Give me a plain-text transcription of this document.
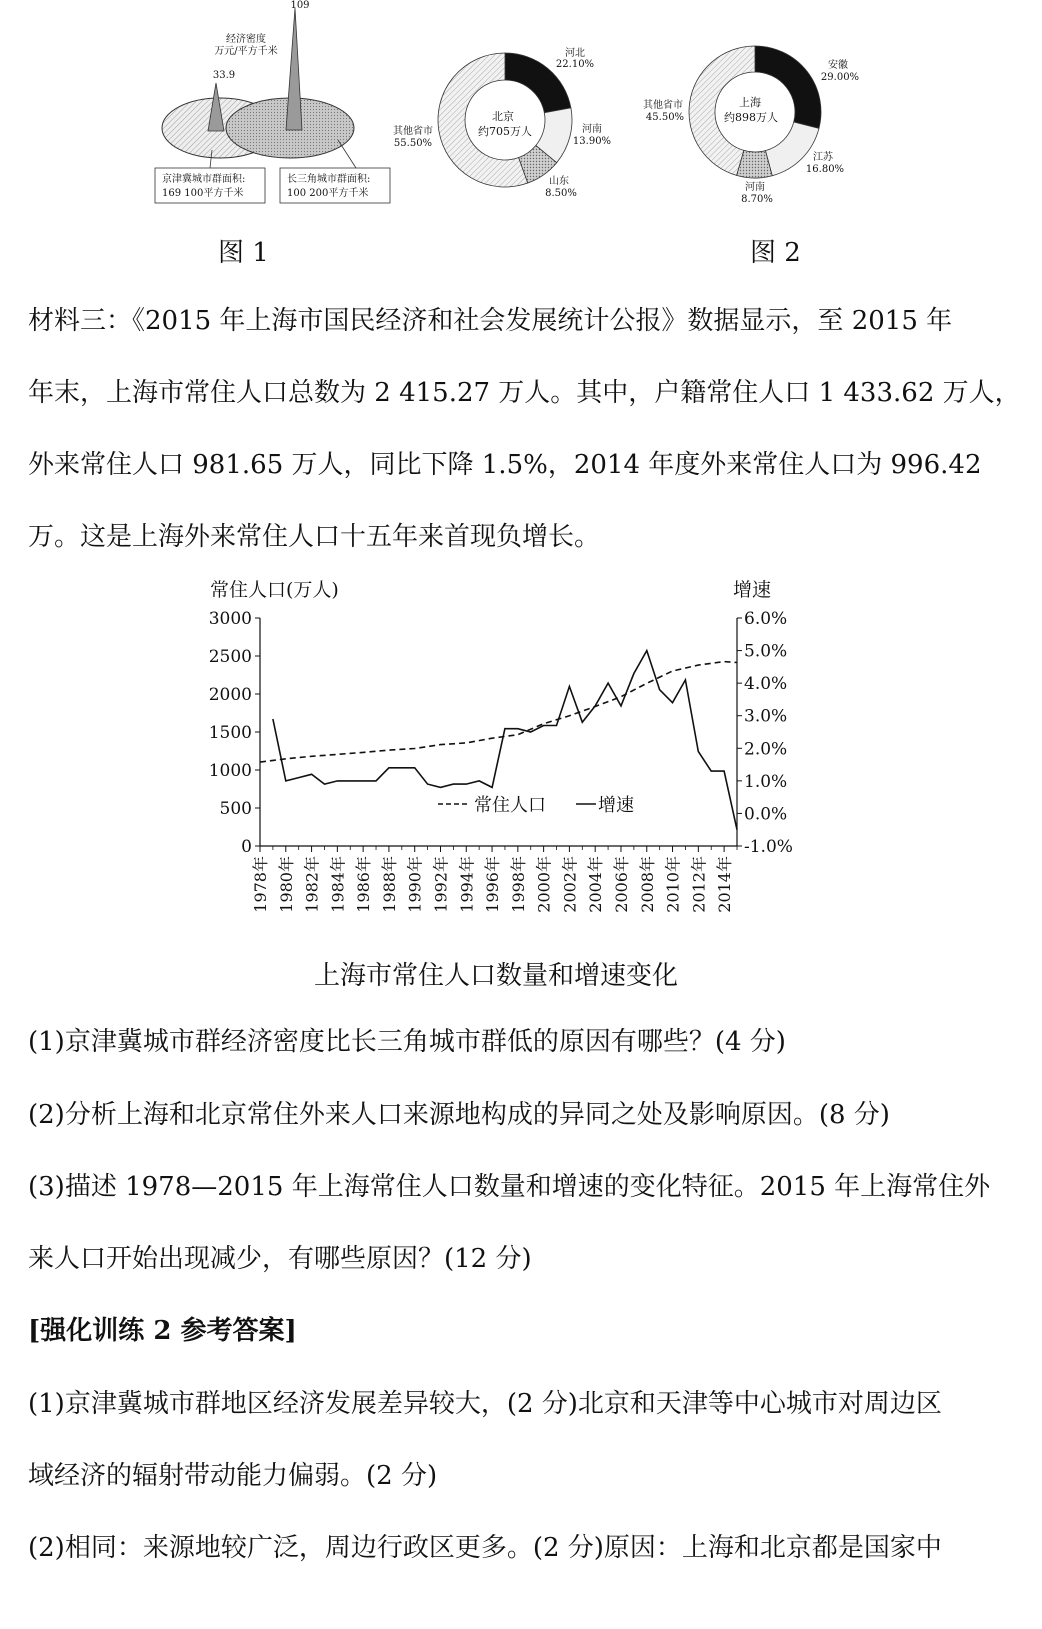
109
经济密度
万元/平方千米
33.9
京津冀城市群面积:
169 100平方千米
长三角城市群面积:
100 200平方千米
图 1
北京
约705万人
河北
22.10%
河南
13.90%
山东
8.50%
其他省市
55.50%
上海
约898万人
安徽
29.00%
江苏
16.80%
河南
8.70%
其他省市
45.50%
图 2
材料三：《2015 年上海市国民经济和社会发展统计公报》数据显示，至 2015 年
年末，上海市常住人口总数为 2 415.27 万人。其中，户籍常住人口 1 433.62 万人，
外来常住人口 981.65 万人，同比下降 1.5%，2014 年度外来常住人口为 996.42
万。这是上海外来常住人口十五年来首现负增长。
常住人口(万人)	增速
0
500
1000
1500
2000
2500
3000
-1.0%
0.0%
1.0%
2.0%
3.0%
4.0%
5.0%
6.0%
1978年 1980年 1982年 1984年 1986年 1988年 1990年 1992年 1994年 1996年 1998年 2000年 2002年 2004年 2006年 2008年 2010年 2012年 2014年
常住人口	增速
上海市常住人口数量和增速变化
(1)京津冀城市群经济密度比长三角城市群低的原因有哪些？(4 分)
(2)分析上海和北京常住外来人口来源地构成的异同之处及影响原因。(8 分)
(3)描述 1978—2015 年上海常住人口数量和增速的变化特征。2015 年上海常住外
来人口开始出现减少，有哪些原因？(12 分)
[强化训练 2 参考答案]
(1)京津冀城市群地区经济发展差异较大，(2 分)北京和天津等中心城市对周边区
域经济的辐射带动能力偏弱。(2 分)
(2)相同：来源地较广泛，周边行政区更多。(2 分)原因：上海和北京都是国家中
